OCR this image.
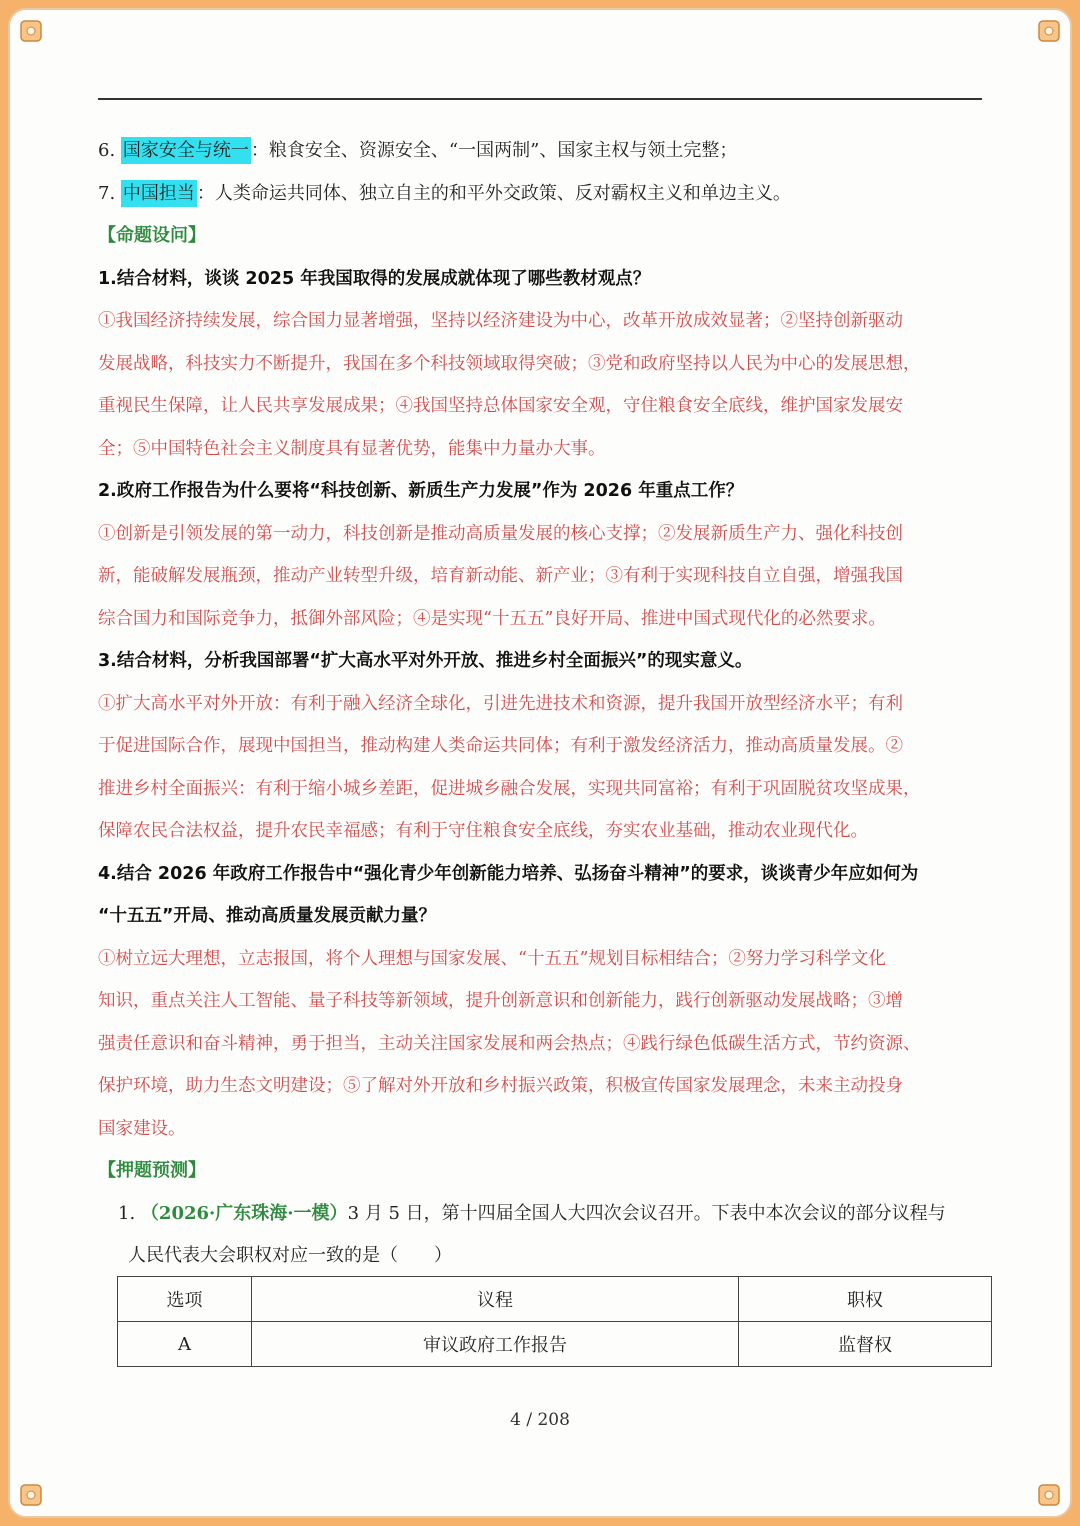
6. 国家安全与统一 ：粮食安全、资源安全、“一国两制”、国家主权与领土完整；
7. 中国担当 ：人类命运共同体、独立自主的和平外交政策、反对霸权主义和单边主义。
【命题设问】
1.结合材料，谈谈 2025 年我国取得的发展成就体现了哪些教材观点？
①我国经济持续发展，综合国力显著增强，坚持以经济建设为中心，改革开放成效显著；②坚持创新驱动
发展战略，科技实力不断提升，我国在多个科技领域取得突破；③党和政府坚持以人民为中心的发展思想，
重视民生保障，让人民共享发展成果；④我国坚持总体国家安全观，守住粮食安全底线，维护国家发展安
全；⑤中国特色社会主义制度具有显著优势，能集中力量办大事。
2.政府工作报告为什么要将“科技创新、新质生产力发展”作为 2026 年重点工作？
①创新是引领发展的第一动力，科技创新是推动高质量发展的核心支撑；②发展新质生产力、强化科技创
新，能破解发展瓶颈，推动产业转型升级，培育新动能、新产业；③有利于实现科技自立自强，增强我国
综合国力和国际竞争力，抵御外部风险；④是实现“十五五”良好开局、推进中国式现代化的必然要求。
3.结合材料，分析我国部署“扩大高水平对外开放、推进乡村全面振兴”的现实意义。
①扩大高水平对外开放：有利于融入经济全球化，引进先进技术和资源，提升我国开放型经济水平；有利
于促进国际合作，展现中国担当，推动构建人类命运共同体；有利于激发经济活力，推动高质量发展。②
推进乡村全面振兴：有利于缩小城乡差距，促进城乡融合发展，实现共同富裕；有利于巩固脱贫攻坚成果，
保障农民合法权益，提升农民幸福感；有利于守住粮食安全底线，夯实农业基础，推动农业现代化。
4.结合 2026 年政府工作报告中“强化青少年创新能力培养、弘扬奋斗精神”的要求，谈谈青少年应如何为
“十五五”开局、推动高质量发展贡献力量？
①树立远大理想，立志报国，将个人理想与国家发展、“十五五”规划目标相结合；②努力学习科学文化
知识，重点关注人工智能、量子科技等新领域，提升创新意识和创新能力，践行创新驱动发展战略；③增
强责任意识和奋斗精神，勇于担当，主动关注国家发展和两会热点；④践行绿色低碳生活方式，节约资源、
保护环境，助力生态文明建设；⑤了解对外开放和乡村振兴政策，积极宣传国家发展理念，未来主动投身
国家建设。
【押题预测】
1. （2026·广东珠海·一模）3 月 5 日，第十四届全国人大四次会议召开。下表中本次会议的部分议程与
人民代表大会职权对应一致的是（　　）
选项	议程	职权
A	审议政府工作报告	监督权
4 / 208
